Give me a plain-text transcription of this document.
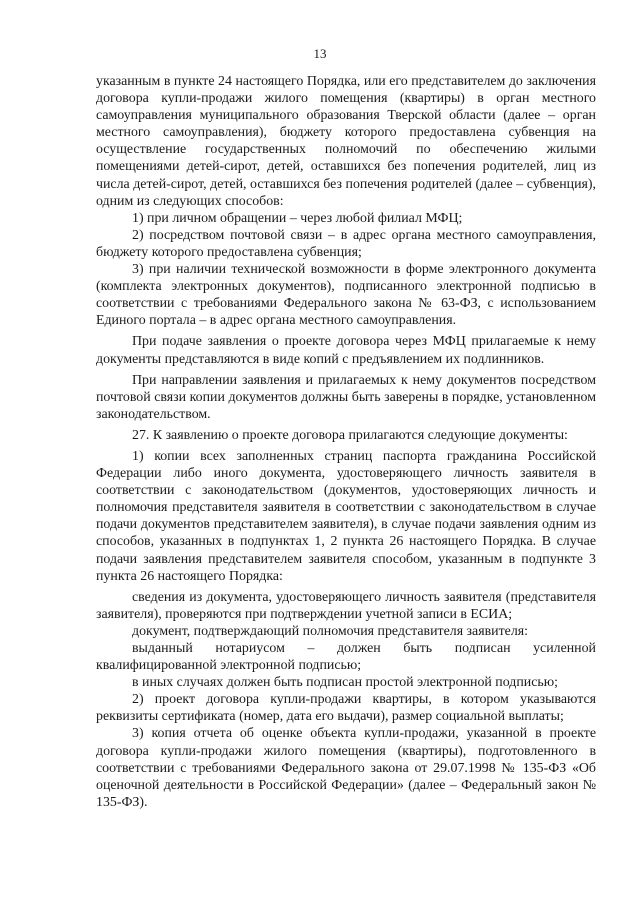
13

указанным в пункте 24 настоящего Порядка, или его представителем до заключения договора купли-продажи жилого помещения (квартиры) в орган местного самоуправления муниципального образования Тверской области (далее – орган местного самоуправления), бюджету которого предоставлена субвенция на осуществление государственных полномочий по обеспечению жилыми помещениями детей-сирот, детей, оставшихся без попечения родителей, лиц из числа детей-сирот, детей, оставшихся без попечения родителей (далее – субвенция), одним из следующих способов:

1) при личном обращении – через любой филиал МФЦ;

2) посредством почтовой связи – в адрес органа местного самоуправления, бюджету которого предоставлена субвенция;

3) при наличии технической возможности в форме электронного документа (комплекта электронных документов), подписанного электронной подписью в соответствии с требованиями Федерального закона № 63-ФЗ, с использованием Единого портала – в адрес органа местного самоуправления.

При подаче заявления о проекте договора через МФЦ прилагаемые к нему документы представляются в виде копий с предъявлением их подлинников.

При направлении заявления и прилагаемых к нему документов посредством почтовой связи копии документов должны быть заверены в порядке, установленном законодательством.

27. К заявлению о проекте договора прилагаются следующие документы:

1) копии всех заполненных страниц паспорта гражданина Российской Федерации либо иного документа, удостоверяющего личность заявителя в соответствии с законодательством (документов, удостоверяющих личность и полномочия представителя заявителя в соответствии с законодательством в случае подачи документов представителем заявителя), в случае подачи заявления одним из способов, указанных в подпунктах 1, 2 пункта 26 настоящего Порядка. В случае подачи заявления представителем заявителя способом, указанным в подпункте 3 пункта 26 настоящего Порядка:

сведения из документа, удостоверяющего личность заявителя (представителя заявителя), проверяются при подтверждении учетной записи в ЕСИА;

документ, подтверждающий полномочия представителя заявителя:

выданный нотариусом – должен быть подписан усиленной квалифицированной электронной подписью;

в иных случаях должен быть подписан простой электронной подписью;

2) проект договора купли-продажи квартиры, в котором указываются реквизиты сертификата (номер, дата его выдачи), размер социальной выплаты;

3) копия отчета об оценке объекта купли-продажи, указанной в проекте договора купли-продажи жилого помещения (квартиры), подготовленного в соответствии с требованиями Федерального закона от 29.07.1998 № 135-ФЗ «Об оценочной деятельности в Российской Федерации» (далее – Федеральный закон № 135-ФЗ).
